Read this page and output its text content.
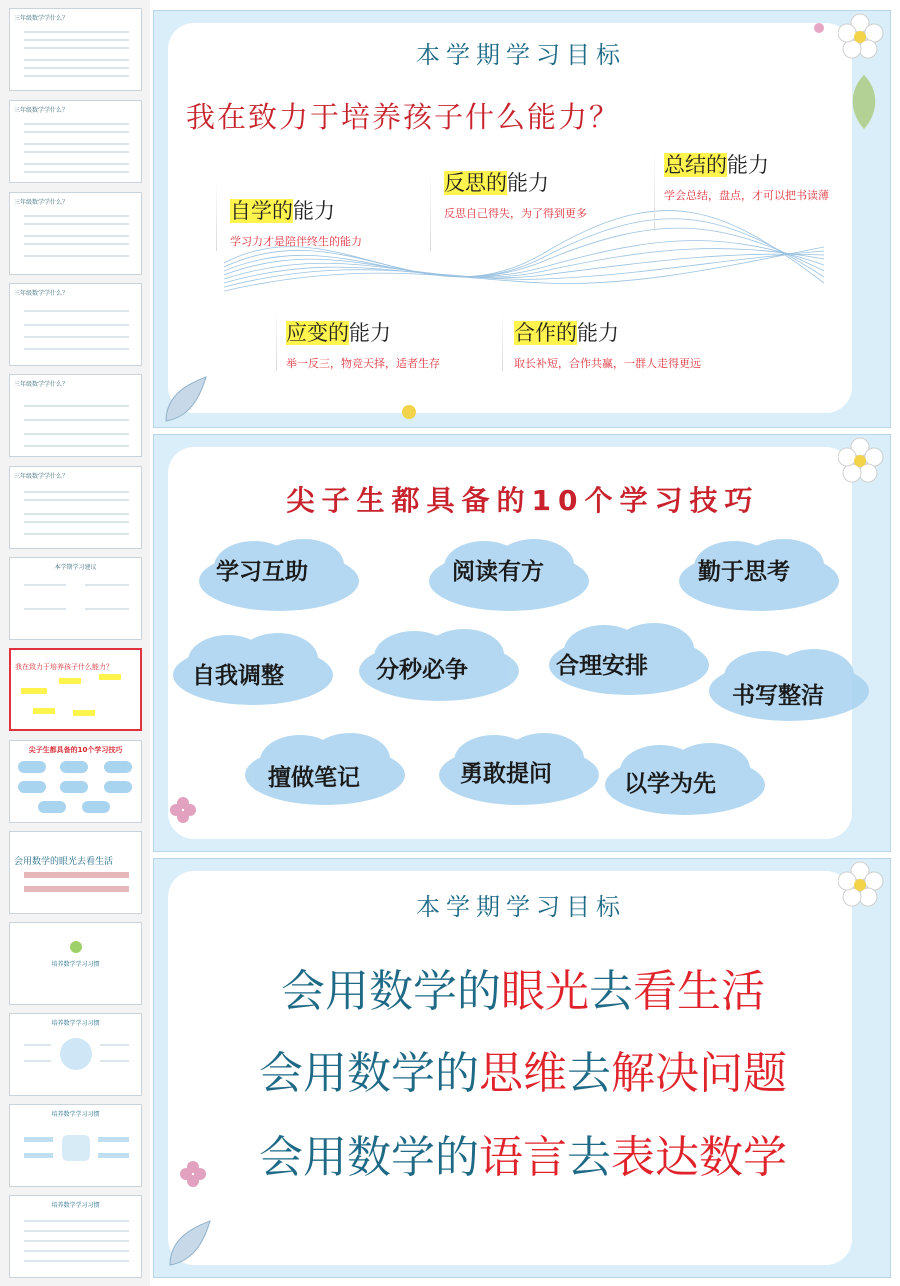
三年级数学学什么？
三年级数学学什么？
三年级数学学什么？
三年级数学学什么？
三年级数学学什么？
三年级数学学什么？
本学期学习建议
我在致力于培养孩子什么能力？
尖子生都具备的10个学习技巧
会用数学的眼光去看生活
培养数学学习习惯
培养数学学习习惯
培养数学学习习惯
培养数学学习习惯
本学期学习目标
我在致力于培养孩子什么能力？
自学的能力
学习力才是陪伴终生的能力
反思的能力
反思自己得失，为了得到更多
总结的能力
学会总结，盘点，才可以把书读薄
应变的能力
举一反三，物竞天择，适者生存
合作的能力
取长补短，合作共赢，一群人走得更远
尖子生都具备的10个学习技巧
学习互助	阅读有方	勤于思考
自我调整	分秒必争	合理安排
书写整洁
擅做笔记	勇敢提问	以学为先
本学期学习目标
会用数学的眼光去看生活
会用数学的思维去解决问题
会用数学的语言去表达数学
